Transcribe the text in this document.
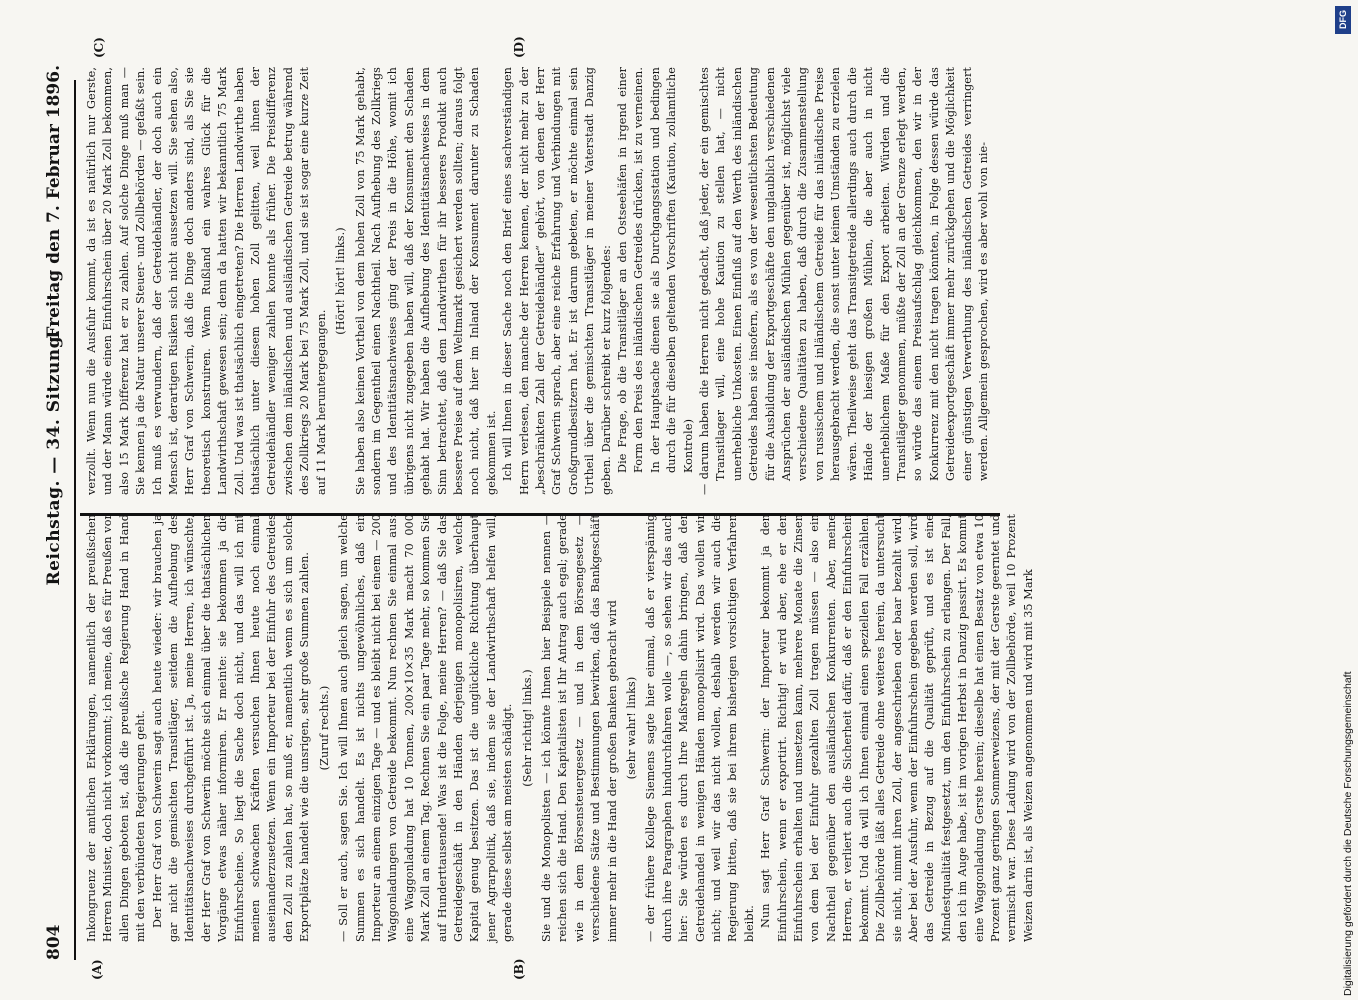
804
Reichstag. — 34. Sitzung.
Freitag den 7. Februar 1896.
(A)	(B)
(C)	(D)

Inkongruenz der amtlichen Erklärungen, namentlich der preußischen Herren Minister, doch nicht vorkommt; ich meine, daß es für Preußen vor allen Dingen geboten ist, daß die preußische Regierung Hand in Hand mit den verbündeten Regierungen geht. Der Herr Graf von Schwerin sagt auch heute wieder: wir brauchen ja gar nicht die gemischten Transitläger, seitdem die Aufhebung des Identitätsnachweises durchgeführt ist. Ja, meine Herren, ich wünschte, der Herr Graf von Schwerin möchte sich einmal über die thatsächlichen Vorgänge etwas näher informiren. Er meinte: sie bekommen ja die Einfuhrscheine. So liegt die Sache doch nicht, und das will ich mit meinen schwachen Kräften versuchen Ihnen heute noch einmal auseinanderzusetzen. Wenn ein Importeur bei der Einfuhr des Getreides den Zoll zu zahlen hat, so muß er, namentlich wenn es sich um solche Exportplätze handelt wie die unsrigen, sehr große Summen zahlen. (Zuruf rechts.) — Soll er auch, sagen Sie. Ich will Ihnen auch gleich sagen, um welche Summen es sich handelt. Es ist nichts ungewöhnliches, daß ein Importeur an einem einzigen Tage — und es bleibt nicht bei einem — 200 Waggonladungen von Getreide bekommt. Nun rechnen Sie einmal aus: eine Waggonladung hat 10 Tonnen, 200×10×35 Mark macht 70 000 Mark Zoll an einem Tag. Rechnen Sie ein paar Tage mehr, so kommen Sie auf Hunderttausende! Was ist die Folge, meine Herren? — daß Sie das Getreidegeschäft in den Händen derjenigen monopolisiren, welche Kapital genug besitzen. Das ist die unglückliche Richtung überhaupt jener Agrarpolitik, daß sie, indem sie der Landwirthschaft helfen will, gerade diese selbst am meisten schädigt. (Sehr richtig! links.) Sie und die Monopolisten — ich könnte Ihnen hier Beispiele nennen — reichen sich die Hand. Den Kapitalisten ist Ihr Antrag auch egal; gerade wie in dem Börsensteuergesetz — und in dem Börsengesetz — verschiedene Sätze und Bestimmungen bewirken, daß das Bankgeschäft immer mehr in die Hand der großen Banken gebracht wird (sehr wahr! links) — der frühere Kollege Siemens sagte hier einmal, daß er vierspännig durch ihre Paragraphen hindurchfahren wolle —, so sehen wir das auch hier: Sie würden es durch Ihre Maßregeln dahin bringen, daß der Getreidehandel in wenigen Händen monopolisirt wird. Das wollen wir nicht; und weil wir das nicht wollen, deshalb werden wir auch die Regierung bitten, daß sie bei ihrem bisherigen vorsichtigen Verfahren bleibt. Nun sagt Herr Graf Schwerin: der Importeur bekommt ja den Einfuhrschein, wenn er exportirt. Richtig! er wird aber, ehe er den Einfuhrschein erhalten und umsetzen kann, mehrere Monate die Zinsen von dem bei der Einfuhr gezahlten Zoll tragen müssen — also ein Nachtheil gegenüber den ausländischen Konkurrenten. Aber, meine Herren, er verliert auch die Sicherheit dafür, daß er den Einfuhrschein bekommt. Und da will ich Ihnen einmal einen speziellen Fall erzählen. Die Zollbehörde läßt alles Getreide ohne weiteres herein, da untersucht sie nicht, nimmt ihren Zoll, der angeschrieben oder baar bezahlt wird. Aber bei der Ausfuhr, wenn der Einfuhrschein gegeben werden soll, wird das Getreide in Bezug auf die Qualität geprüft, und es ist eine Mindestqualität festgesetzt, um den Einfuhrschein zu erlangen. Der Fall, den ich im Auge habe, ist im vorigen Herbst in Danzig passirt. Es kommt eine Waggonladung Gerste herein; dieselbe hat einen Besatz von etwa 10 Prozent ganz geringen Sommerweizens, der mit der Gerste geerntet und vermischt war. Diese Ladung wird von der Zollbehörde, weil 10 Prozent Weizen darin ist, als Weizen angenommen und wird mit 35 Mark

verzollt. Wenn nun die Ausfuhr kommt, da ist es natürlich nur Gerste, und der Mann würde einen Einfuhrschein über 20 Mark Zoll bekommen, also 15 Mark Differenz hat er zu zahlen. Auf solche Dinge muß man — Sie kennen ja die Natur unserer Steuer- und Zollbehörden — gefaßt sein. Ich muß es verwundern, daß der Getreidehändler, der doch auch ein Mensch ist, derartigen Risiken sich nicht aussetzen will. Sie sehen also, Herr Graf von Schwerin, daß die Dinge doch anders sind, als Sie sie theoretisch konstruiren. Wenn Rußland ein wahres Glück für die Landwirthschaft gewesen sein; denn da hatten wir bekanntlich 75 Mark Zoll. Und was ist thatsächlich eingetreten? Die Herren Landwirthe haben thatsächlich unter diesem hohen Zoll gelitten, weil ihnen der Getreidehändler weniger zahlen konnte als früher. Die Preisdifferenz zwischen dem inländischen und ausländischen Getreide betrug während des Zollkriegs 20 Mark bei 75 Mark Zoll, und sie ist sogar eine kurze Zeit auf 11 Mark heruntergegangen.

(Hört! hört! links.) Sie haben also keinen Vortheil von dem hohen Zoll von 75 Mark gehabt, sondern im Gegentheil einen Nachtheil. Nach Aufhebung des Zollkriegs und des Identitätsnachweises ging der Preis in die Höhe, womit ich übrigens nicht zugegeben haben will, daß der Konsument den Schaden gehabt hat. Wir haben die Aufhebung des Identitätsnachweises in dem Sinn betrachtet, daß dem Landwirthen für ihr besseres Produkt auch bessere Preise auf dem Weltmarkt gesichert werden sollten; daraus folgt noch nicht, daß hier im Inland der Konsument darunter zu Schaden gekommen ist. Ich will Ihnen in dieser Sache noch den Brief eines sachverständigen Herrn verlesen, den manche der Herren kennen, der nicht mehr zu der „beschränkten Zahl der Getreidehändler“ gehört, von denen der Herr Graf Schwerin sprach, aber eine reiche Erfahrung und Verbindungen mit Großgrundbesitzern hat. Er ist darum gebeten, er möchte einmal sein Urtheil über die gemischten Transitläger in meiner Vaterstadt Danzig geben. Darüber schreibt er kurz folgendes: Die Frage, ob die Transitläger an den Ostseehäfen in irgend einer Form den Preis des inländischen Getreides drücken, ist zu verneinen. In der Hauptsache dienen sie als Durchgangsstation und bedingen durch die für dieselben geltenden Vorschriften (Kaution, zollamtliche Kontrole) — darum haben die Herren nicht gedacht, daß jeder, der ein gemischtes Transitlager will, eine hohe Kaution zu stellen hat, — nicht unerhebliche Unkosten. Einen Einfluß auf den Werth des inländischen Getreides haben sie insofern, als es von der wesentlichsten Bedeutung für die Ausbildung der Exportgeschäfte den unglaublich verschiedenen Ansprüchen der ausländischen Mühlen gegenüber ist, möglichst viele verschiedene Qualitäten zu haben, daß durch die Zusammenstellung von russischem und inländischem Getreide für das inländische Preise herausgebracht werden, die sonst unter keinen Umständen zu erzielen wären. Theilweise geht das Transitgetreide allerdings auch durch die Hände der hiesigen großen Mühlen, die aber auch in nicht unerheblichem Maße für den Export arbeiten. Würden und die Transitläger genommen, müßte der Zoll an der Grenze erlegt werden, so würde das einem Preisaufschlag gleichkommen, den wir in der Konkurrenz mit den nicht tragen könnten, in Folge dessen würde das Getreideexportgeschäft immer mehr zurückgehen und die Möglichkeit einer günstigen Verwerthung des inländischen Getreides verringert werden. Allgemein gesprochen, wird es aber wohl von nie-

Digitalisierung gefördert durch die Deutsche Forschungsgemeinschaft
DFG
